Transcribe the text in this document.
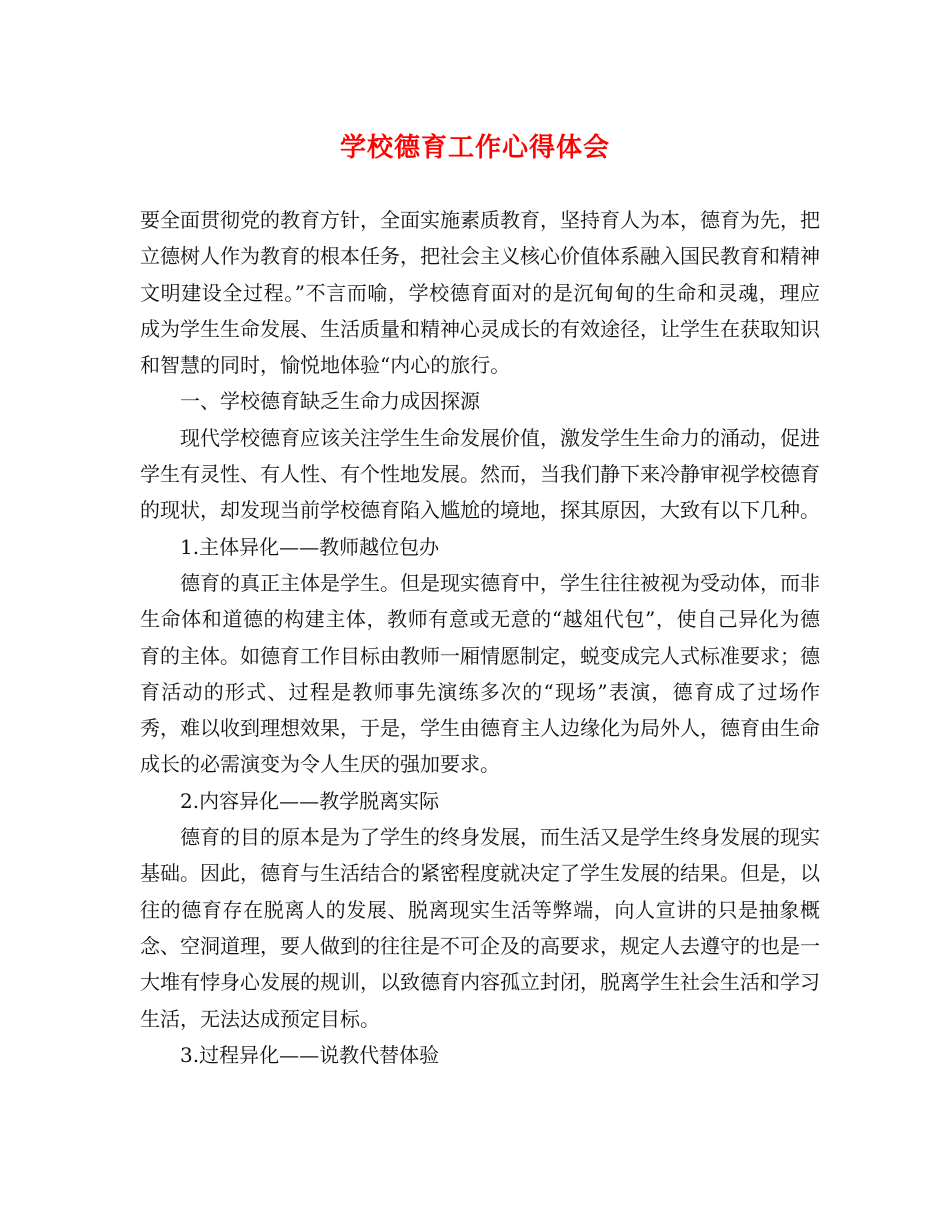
学校德育工作心得体会

要全面贯彻党的教育方针，全面实施素质教育，坚持育人为本，德育为先，把立德树人作为教育的根本任务，把社会主义核心价值体系融入国民教育和精神文明建设全过程。”不言而喻，学校德育面对的是沉甸甸的生命和灵魂，理应成为学生生命发展、生活质量和精神心灵成长的有效途径，让学生在获取知识和智慧的同时，愉悦地体验“内心的旅行。

一、学校德育缺乏生命力成因探源

现代学校德育应该关注学生生命发展价值，激发学生生命力的涌动，促进学生有灵性、有人性、有个性地发展。然而，当我们静下来冷静审视学校德育的现状，却发现当前学校德育陷入尴尬的境地，探其原因，大致有以下几种。

1.主体异化——教师越位包办

德育的真正主体是学生。但是现实德育中，学生往往被视为受动体，而非生命体和道德的构建主体，教师有意或无意的“越俎代包”，使自己异化为德育的主体。如德育工作目标由教师一厢情愿制定，蜕变成完人式标准要求；德育活动的形式、过程是教师事先演练多次的“现场”表演，德育成了过场作秀，难以收到理想效果，于是，学生由德育主人边缘化为局外人，德育由生命成长的必需演变为令人生厌的强加要求。

2.内容异化——教学脱离实际

德育的目的原本是为了学生的终身发展，而生活又是学生终身发展的现实基础。因此，德育与生活结合的紧密程度就决定了学生发展的结果。但是，以往的德育存在脱离人的发展、脱离现实生活等弊端，向人宣讲的只是抽象概念、空洞道理，要人做到的往往是不可企及的高要求，规定人去遵守的也是一大堆有悖身心发展的规训，以致德育内容孤立封闭，脱离学生社会生活和学习生活，无法达成预定目标。

3.过程异化——说教代替体验
